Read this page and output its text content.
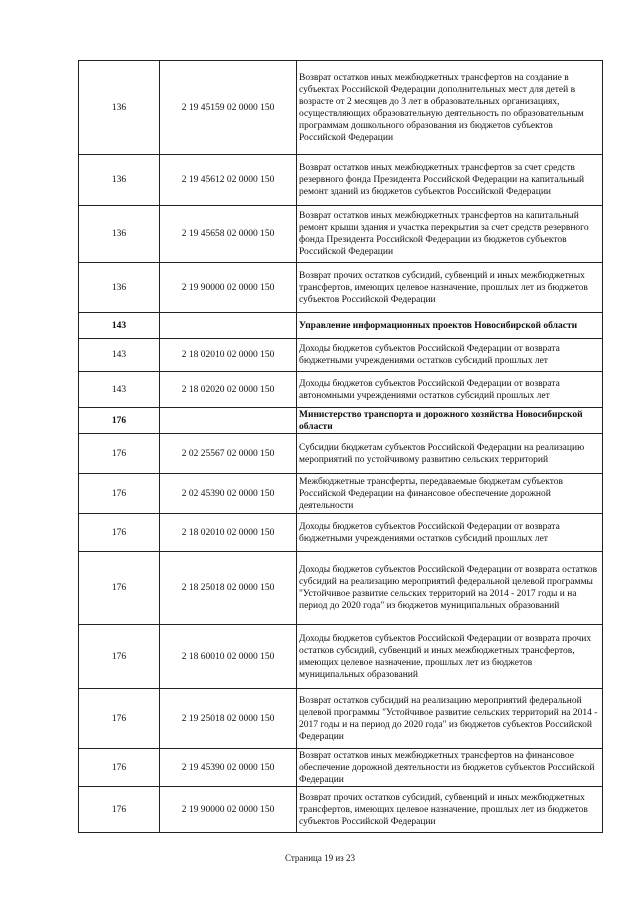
136	2 19 45159 02 0000 150	Возврат остатков иных межбюджетных трансфертов на создание в субъектах Российской Федерации дополнительных мест для детей в возрасте от 2 месяцев до 3 лет в образовательных организациях, осуществляющих образовательную деятельность по образовательным программам дошкольного образования из бюджетов субъектов Российской Федерации
136	2 19 45612 02 0000 150	Возврат остатков иных межбюджетных трансфертов за счет средств резервного фонда Президента Российской Федерации на капитальный ремонт зданий из бюджетов субъектов Российской Федерации
136	2 19 45658 02 0000 150	Возврат остатков иных межбюджетных трансфертов на капитальный ремонт крыши здания и участка перекрытия за счет средств резервного фонда Президента Российской Федерации из бюджетов субъектов Российской Федерации
136	2 19 90000 02 0000 150	Возврат прочих остатков субсидий, субвенций и иных межбюджетных трансфертов, имеющих целевое назначение, прошлых лет из бюджетов субъектов Российской Федерации
143		Управление информационных проектов Новосибирской области
143	2 18 02010 02 0000 150	Доходы бюджетов субъектов Российской Федерации от возврата бюджетными учреждениями остатков субсидий прошлых лет
143	2 18 02020 02 0000 150	Доходы бюджетов субъектов Российской Федерации от возврата автономными учреждениями остатков субсидий прошлых лет
176		Министерство транспорта и дорожного хозяйства Новосибирской области
176	2 02 25567 02 0000 150	Субсидии бюджетам субъектов Российской Федерации на реализацию мероприятий по устойчивому развитию сельских территорий
176	2 02 45390 02 0000 150	Межбюджетные трансферты, передаваемые бюджетам субъектов Российской Федерации на финансовое обеспечение дорожной деятельности
176	2 18 02010 02 0000 150	Доходы бюджетов субъектов Российской Федерации от возврата бюджетными учреждениями остатков субсидий прошлых лет
176	2 18 25018 02 0000 150	Доходы бюджетов субъектов Российской Федерации от возврата остатков субсидий на реализацию мероприятий федеральной целевой программы "Устойчивое развитие сельских территорий на 2014 - 2017 годы и на период до 2020 года" из бюджетов муниципальных образований
176	2 18 60010 02 0000 150	Доходы бюджетов субъектов Российской Федерации от возврата прочих остатков субсидий, субвенций и иных межбюджетных трансфертов, имеющих целевое назначение, прошлых лет из бюджетов муниципальных образований
176	2 19 25018 02 0000 150	Возврат остатков субсидий на реализацию мероприятий федеральной целевой программы "Устойчивое развитие сельских территорий на 2014 - 2017 годы и на период до 2020 года" из бюджетов субъектов Российской Федерации
176	2 19 45390 02 0000 150	Возврат остатков иных межбюджетных трансфертов на финансовое обеспечение дорожной деятельности из бюджетов субъектов Российской Федерации
176	2 19 90000 02 0000 150	Возврат прочих остатков субсидий, субвенций и иных межбюджетных трансфертов, имеющих целевое назначение, прошлых лет из бюджетов субъектов Российской Федерации
Страница 19 из 23
